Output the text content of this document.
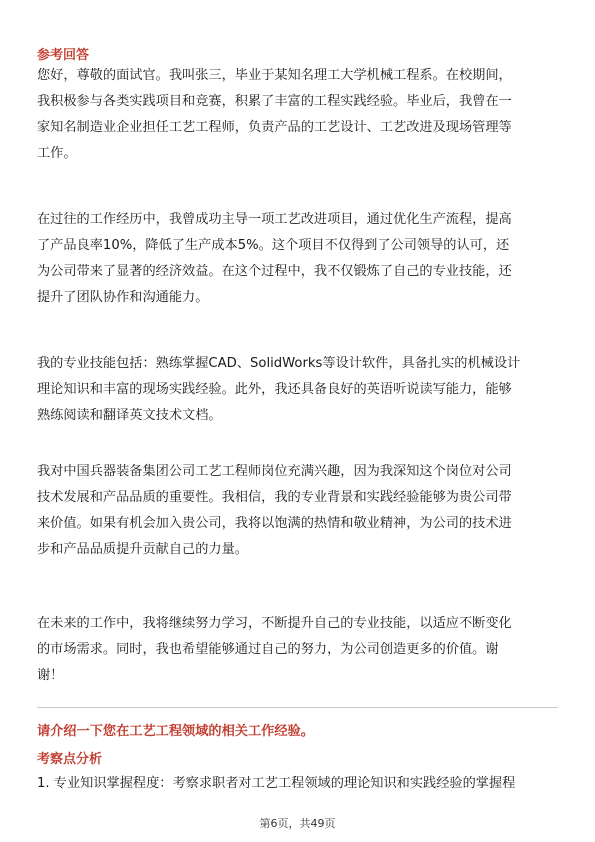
参考回答
您好，尊敬的面试官。我叫张三，毕业于某知名理工大学机械工程系。在校期间，
我积极参与各类实践项目和竞赛，积累了丰富的工程实践经验。毕业后，我曾在一
家知名制造业企业担任工艺工程师，负责产品的工艺设计、工艺改进及现场管理等
工作。
在过往的工作经历中，我曾成功主导一项工艺改进项目，通过优化生产流程，提高
了产品良率10%，降低了生产成本5%。这个项目不仅得到了公司领导的认可，还
为公司带来了显著的经济效益。在这个过程中，我不仅锻炼了自己的专业技能，还
提升了团队协作和沟通能力。
我的专业技能包括：熟练掌握CAD、SolidWorks等设计软件，具备扎实的机械设计
理论知识和丰富的现场实践经验。此外，我还具备良好的英语听说读写能力，能够
熟练阅读和翻译英文技术文档。
我对中国兵器装备集团公司工艺工程师岗位充满兴趣，因为我深知这个岗位对公司
技术发展和产品品质的重要性。我相信，我的专业背景和实践经验能够为贵公司带
来价值。如果有机会加入贵公司，我将以饱满的热情和敬业精神，为公司的技术进
步和产品品质提升贡献自己的力量。
在未来的工作中，我将继续努力学习，不断提升自己的专业技能，以适应不断变化
的市场需求。同时，我也希望能够通过自己的努力，为公司创造更多的价值。谢
谢！
请介绍一下您在工艺工程领域的相关工作经验。
考察点分析
1. 专业知识掌握程度：考察求职者对工艺工程领域的理论知识和实践经验的掌握程
第6页，共49页
